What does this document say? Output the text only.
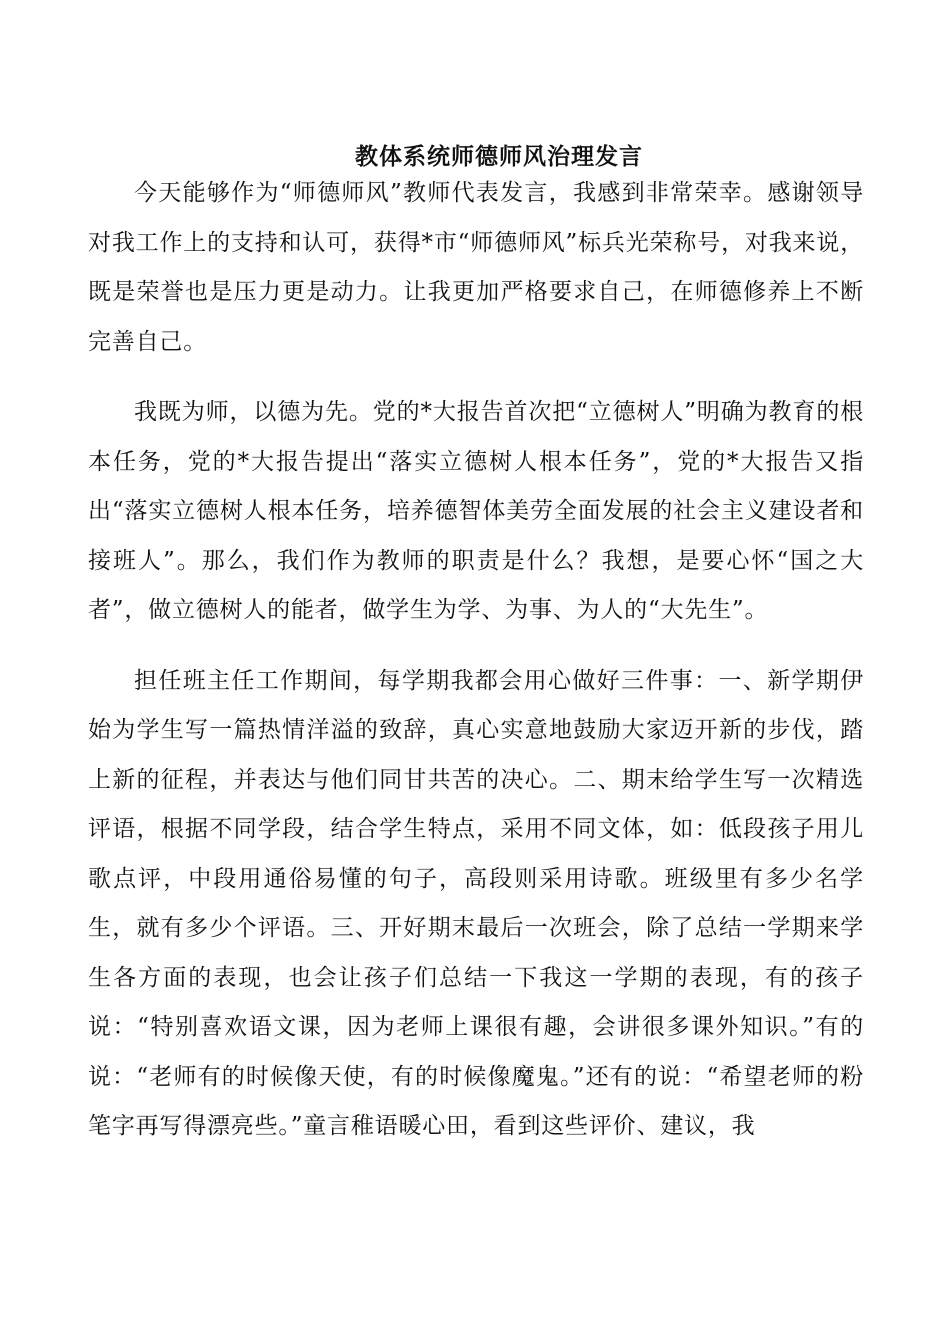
教体系统师德师风治理发言

今天能够作为“师德师风”教师代表发言，我感到非常荣幸。感谢领导对我工作上的支持和认可，获得*市“师德师风”标兵光荣称号，对我来说，既是荣誉也是压力更是动力。让我更加严格要求自己，在师德修养上不断完善自己。

我既为师，以德为先。党的*大报告首次把“立德树人”明确为教育的根本任务，党的*大报告提出“落实立德树人根本任务”，党的*大报告又指出“落实立德树人根本任务，培养德智体美劳全面发展的社会主义建设者和接班人”。那么，我们作为教师的职责是什么？我想，是要心怀“国之大者”，做立德树人的能者，做学生为学、为事、为人的“大先生”。

担任班主任工作期间，每学期我都会用心做好三件事：一、新学期伊始为学生写一篇热情洋溢的致辞，真心实意地鼓励大家迈开新的步伐，踏上新的征程，并表达与他们同甘共苦的决心。二、期末给学生写一次精选评语，根据不同学段，结合学生特点，采用不同文体，如：低段孩子用儿歌点评，中段用通俗易懂的句子，高段则采用诗歌。班级里有多少名学生，就有多少个评语。三、开好期末最后一次班会，除了总结一学期来学生各方面的表现，也会让孩子们总结一下我这一学期的表现，有的孩子说：“特别喜欢语文课，因为老师上课很有趣，会讲很多课外知识。”有的说：“老师有的时候像天使，有的时候像魔鬼。”还有的说：“希望老师的粉笔字再写得漂亮些。”童言稚语暖心田，看到这些评价、建议，我
